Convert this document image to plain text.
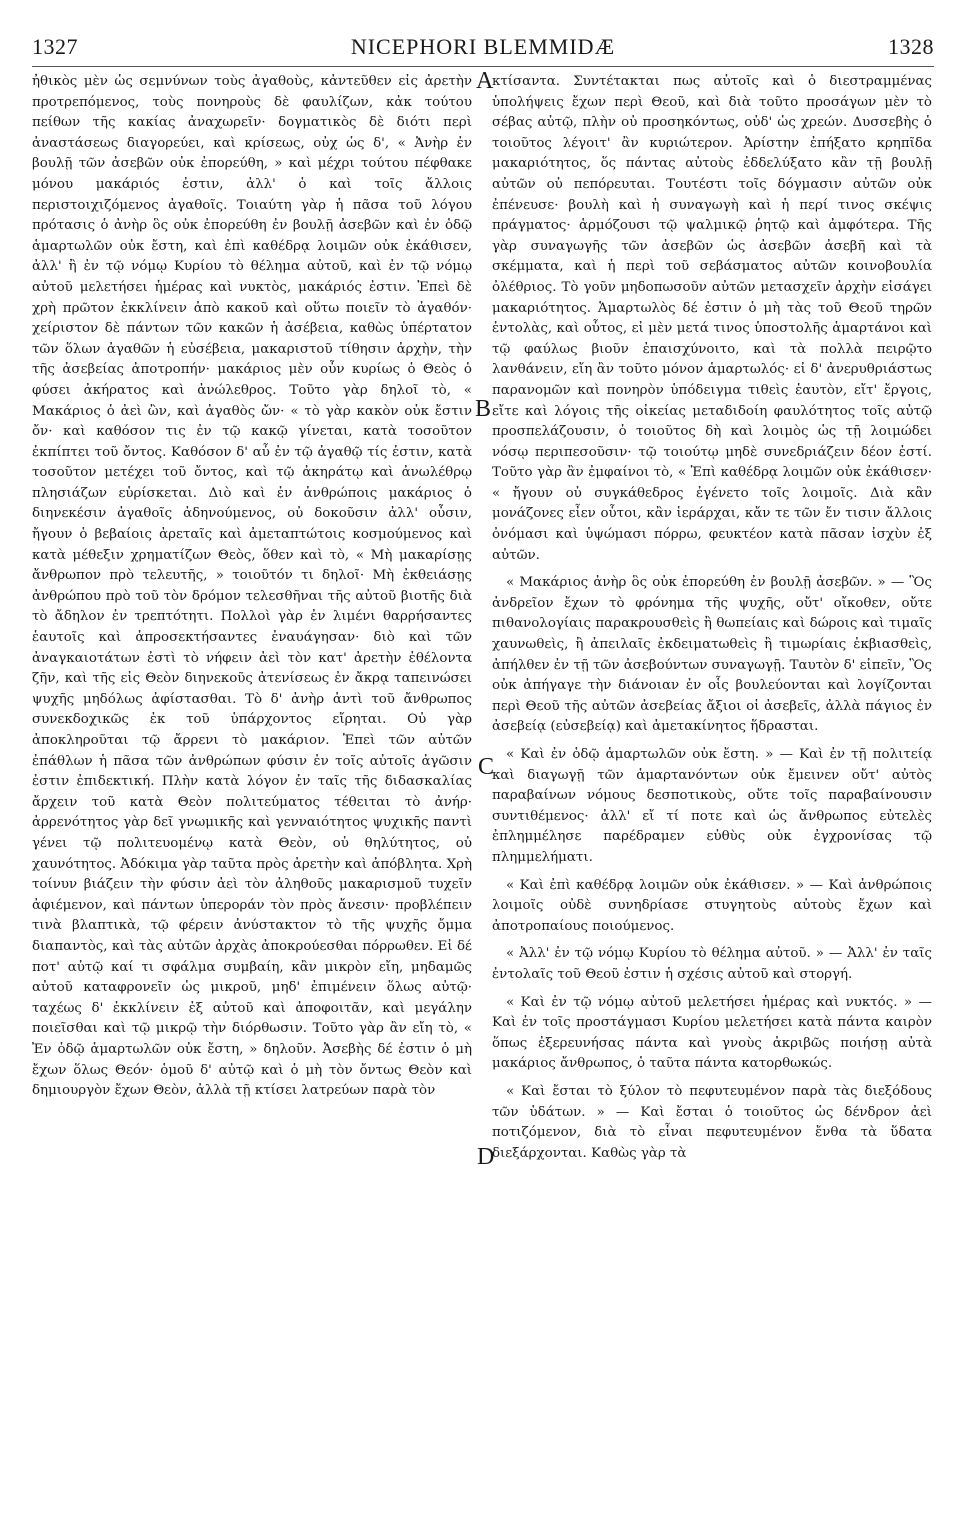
1327	NICEPHORI BLEMMIDÆ	1328

ἠθικὸς μὲν ὡς σεμνύνων τοὺς ἀγαθοὺς, κἀντεῦθεν εἰς ἀρετὴν προτρεπόμενος, τοὺς πονηροὺς δὲ φαυλίζων, κἀκ τούτου πείθων τῆς κακίας ἀναχωρεῖν· δογματικὸς δὲ διότι περὶ ἀναστάσεως διαγορεύει, καὶ κρίσεως, οὐχ ὡς δ', « Ἀνὴρ ἐν βουλῇ τῶν ἀσεβῶν οὐκ ἐπορεύθη, » καὶ μέχρι τούτου πέφθακε μόνου μακάριός ἐστιν, ἀλλ' ὁ καὶ τοῖς ἄλλοις περιστοιχιζόμενος ἀγαθοῖς. Τοιαύτη γὰρ ἡ πᾶσα τοῦ λόγου πρότασις ὁ ἀνὴρ ὃς οὐκ ἐπορεύθη ἐν βουλῇ ἀσεβῶν καὶ ἐν ὁδῷ ἁμαρτωλῶν οὐκ ἔστη, καὶ ἐπὶ καθέδρᾳ λοιμῶν οὐκ ἐκάθισεν, ἀλλ' ἢ ἐν τῷ νόμῳ Κυρίου τὸ θέλημα αὐτοῦ, καὶ ἐν τῷ νόμῳ αὐτοῦ μελετήσει ἡμέρας καὶ νυκτὸς, μακάριός ἐστιν. Ἐπεὶ δὲ χρὴ πρῶτον ἐκκλίνειν ἀπὸ κακοῦ καὶ οὕτω ποιεῖν τὸ ἀγαθόν· χείριστον δὲ πάντων τῶν κακῶν ἡ ἀσέβεια, καθὼς ὑπέρτατον τῶν ὅλων ἀγαθῶν ἡ εὐσέβεια, μακαριστοῦ τίθησιν ἀρχὴν, τὴν τῆς ἀσεβείας ἀποτροπήν· μακάριος μὲν οὖν κυρίως ὁ Θεὸς ὁ φύσει ἀκήρατος καὶ ἀνώλεθρος. Τοῦτο γὰρ δηλοῖ τὸ, « Μακάριος ὁ ἀεὶ ὢν, καὶ ἀγαθὸς ὤν· « τὸ γὰρ κακὸν οὐκ ἔστιν ὄν· καὶ καθόσον τις ἐν τῷ κακῷ γίνεται, κατὰ τοσοῦτον ἐκπίπτει τοῦ ὄντος. Καθόσον δ' αὖ ἐν τῷ ἀγαθῷ τίς ἐστιν, κατὰ τοσοῦτον μετέχει τοῦ ὄντος, καὶ τῷ ἀκηράτῳ καὶ ἀνωλέθρῳ πλησιάζων εὑρίσκεται. Διὸ καὶ ἐν ἀνθρώποις μακάριος ὁ διηνεκέσιν ἀγαθοῖς ἀδηνούμενος, οὐ δοκοῦσιν ἀλλ' οὖσιν, ἤγουν ὁ βεβαίοις ἀρεταῖς καὶ ἀμεταπτώτοις κοσμούμενος καὶ κατὰ μέθεξιν χρηματίζων Θεὸς, ὅθεν καὶ τὸ, « Μὴ μακαρίσῃς ἄνθρωπον πρὸ τελευτῆς, » τοιοῦτόν τι δηλοῖ· Μὴ ἐκθειάσῃς ἀνθρώπου πρὸ τοῦ τὸν δρόμον τελεσθῆναι τῆς αὐτοῦ βιοτῆς διὰ τὸ ἄδηλον ἐν τρεπτότητι. Πολλοὶ γὰρ ἐν λιμένι θαρρήσαντες ἑαυτοῖς καὶ ἀπροσεκτήσαντες ἐναυάγησαν· διὸ καὶ τῶν ἀναγκαιοτάτων ἐστὶ τὸ νήφειν ἀεὶ τὸν κατ' ἀρετὴν ἐθέλοντα ζῆν, καὶ τῆς εἰς Θεὸν διηνεκοῦς ἀτενίσεως ἐν ἄκρᾳ ταπεινώσει ψυχῆς μηδόλως ἀφίστασθαι. Τὸ δ' ἀνὴρ ἀντὶ τοῦ ἄνθρωπος συνεκδοχικῶς ἐκ τοῦ ὑπάρχοντος εἴρηται. Οὐ γὰρ ἀποκληροῦται τῷ ἄρρενι τὸ μακάριον. Ἐπεὶ τῶν αὐτῶν ἐπάθλων ἡ πᾶσα τῶν ἀνθρώπων φύσιν ἐν τοῖς αὐτοῖς ἀγῶσιν ἐστιν ἐπιδεκτική. Πλὴν κατὰ λόγον ἐν ταῖς τῆς διδασκαλίας ἄρχειν τοῦ κατὰ Θεὸν πολιτεύματος τέθειται τὸ ἀνήρ· ἀρρενότητος γὰρ δεῖ γνωμικῆς καὶ γενναιότητος ψυχικῆς παντὶ γένει τῷ πολιτευομένῳ κατὰ Θεὸν, οὐ θηλύτητος, οὐ χαυνότητος. Ἀδόκιμα γὰρ ταῦτα πρὸς ἀρετὴν καὶ ἀπόβλητα. Χρὴ τοίνυν βιάζειν τὴν φύσιν ἀεὶ τὸν ἀληθοῦς μακαρισμοῦ τυχεῖν ἀφιέμενον, καὶ πάντων ὑπεροράν τὸν πρὸς ἄνεσιν· προβλέπειν τινὰ βλαπτικὰ, τῷ φέρειν ἀνύστακτον τὸ τῆς ψυχῆς ὄμμα διαπαντὸς, καὶ τὰς αὐτῶν ἀρχὰς ἀποκρούεσθαι πόρρωθεν. Εἰ δέ ποτ' αὐτῷ καί τι σφάλμα συμβαίη, κἂν μικρὸν εἴη, μηδαμῶς αὐτοῦ καταφρονεῖν ὡς μικροῦ, μηδ' ἐπιμένειν ὅλως αὐτῷ· ταχέως δ' ἐκκλίνειν ἐξ αὐτοῦ καὶ ἀποφοιτᾶν, καὶ μεγάλην ποιεῖσθαι καὶ τῷ μικρῷ τὴν διόρθωσιν. Τοῦτο γὰρ ἂν εἴη τὸ, « Ἐν ὁδῷ ἁμαρτωλῶν οὐκ ἔστη, » δηλοῦν. Ἀσεβὴς δέ ἐστιν ὁ μὴ ἔχων ὅλως Θεόν· ὁμοῦ δ' αὐτῷ καὶ ὁ μὴ τὸν ὄντως Θεὸν καὶ δημιουργὸν ἔχων Θεὸν, ἀλλὰ τῇ κτίσει λατρεύων παρὰ τὸν

A
B
C
D

κτίσαντα. Συντέτακται πως αὐτοῖς καὶ ὁ διεστραμμένας ὑπολήψεις ἔχων περὶ Θεοῦ, καὶ διὰ τοῦτο προσάγων μὲν τὸ σέβας αὐτῷ, πλὴν οὐ προσηκόντως, οὐδ' ὡς χρεών. Δυσσεβὴς ὁ τοιοῦτος λέγοιτ' ἂν κυριώτερον. Ἀρίστην ἐπήξατο κρηπῖδα μακαριότητος, ὅς πάντας αὐτοὺς ἐδδελύξατο κἂν τῇ βουλῇ αὐτῶν οὐ πεπόρευται. Τουτέστι τοῖς δόγμασιν αὐτῶν οὐκ ἐπένευσε· βουλὴ καὶ ἡ συναγωγὴ καὶ ἡ περί τινος σκέψις πράγματος· ἁρμόζουσι τῷ ψαλμικῷ ῥητῷ καὶ ἀμφότερα. Τῆς γὰρ συναγωγῆς τῶν ἀσεβῶν ὡς ἀσεβῶν ἀσεβῆ καὶ τὰ σκέμματα, καὶ ἡ περὶ τοῦ σεβάσματος αὐτῶν κοινοβουλία ὀλέθριος. Τὸ γοῦν μηδοπωσοῦν αὐτῶν μετασχεῖν ἀρχὴν εἰσάγει μακαριότητος. Ἁμαρτωλὸς δέ ἐστιν ὁ μὴ τὰς τοῦ Θεοῦ τηρῶν ἐντολὰς, καὶ οὗτος, εἰ μὲν μετά τινος ὑποστολῆς ἁμαρτάνοι καὶ τῷ φαύλως βιοῦν ἐπαισχύνοιτο, καὶ τὰ πολλὰ πειρῷτο λανθάνειν, εἴη ἂν τοῦτο μόνον ἁμαρτωλός· εἰ δ' ἀνερυθριάστως παρανομῶν καὶ πονηρὸν ὑπόδειγμα τιθεὶς ἑαυτὸν, εἴτ' ἔργοις, εἴτε καὶ λόγοις τῆς οἰκείας μεταδιδοίη φαυλότητος τοῖς αὐτῷ προσπελάζουσιν, ὁ τοιοῦτος δὴ καὶ λοιμὸς ὡς τῇ λοιμώδει νόσῳ περιπεσοῦσιν· τῷ τοιούτῳ μηδὲ συνεδριάζειν δέον ἐστί. Τοῦτο γὰρ ἂν ἐμφαίνοι τὸ, « Ἐπὶ καθέδρᾳ λοιμῶν οὐκ ἐκάθισεν· « ἤγουν οὐ συγκάθεδρος ἐγένετο τοῖς λοιμοῖς. Διὰ κἂν μονάζονες εἶεν οὗτοι, κἂν ἱεράρχαι, κἄν τε τῶν ἔν τισιν ἄλλοις ὀνόμασι καὶ ὑψώμασι πόρρω, φευκτέον κατὰ πᾶσαν ἰσχὺν ἐξ αὐτῶν.

« Μακάριος ἀνὴρ ὃς οὐκ ἐπορεύθη ἐν βουλῇ ἀσεβῶν. » — Ὃς ἀνδρεῖον ἔχων τὸ φρόνημα τῆς ψυχῆς, οὔτ' οἴκοθεν, οὔτε πιθανολογίαις παρακρουσθεὶς ἢ θωπείαις καὶ δώροις καὶ τιμαῖς χαυνωθεὶς, ἢ ἀπειλαῖς ἐκδειματωθεὶς ἢ τιμωρίαις ἐκβιασθεὶς, ἀπήλθεν ἐν τῇ τῶν ἀσεβούντων συναγωγῇ. Ταυτὸν δ' εἰπεῖν, Ὃς οὐκ ἀπήγαγε τὴν διάνοιαν ἐν οἷς βουλεύονται καὶ λογίζονται περὶ Θεοῦ τῆς αὐτῶν ἀσεβείας ἄξιοι οἱ ἀσεβεῖς, ἀλλὰ πάγιος ἐν ἀσεβείᾳ (εὐσεβείᾳ) καὶ ἀμετακίνητος ἥδρασται.

« Καὶ ἐν ὁδῷ ἁμαρτωλῶν οὐκ ἔστη. » — Καὶ ἐν τῇ πολιτείᾳ καὶ διαγωγῇ τῶν ἁμαρτανόντων οὐκ ἔμεινεν οὔτ' αὐτὸς παραβαίνων νόμους δεσποτικοὺς, οὔτε τοῖς παραβαίνουσιν συντιθέμενος· ἀλλ' εἴ τί ποτε καὶ ὡς ἄνθρωπος εὐτελὲς ἐπλημμέλησε παρέδραμεν εὐθὺς οὐκ ἐγχρονίσας τῷ πλημμελήματι.

« Καὶ ἐπὶ καθέδρᾳ λοιμῶν οὐκ ἐκάθισεν. » — Καὶ ἀνθρώποις λοιμοῖς οὐδὲ συνηδρίασε στυγητοὺς αὐτοὺς ἔχων καὶ ἀποτροπαίους ποιούμενος.

« Ἀλλ' ἐν τῷ νόμῳ Κυρίου τὸ θέλημα αὐτοῦ. » — Ἀλλ' ἐν ταῖς ἐντολαῖς τοῦ Θεοῦ ἐστιν ἡ σχέσις αὐτοῦ καὶ στοργή.

« Καὶ ἐν τῷ νόμῳ αὐτοῦ μελετήσει ἡμέρας καὶ νυκτός. » — Καὶ ἐν τοῖς προστάγμασι Κυρίου μελετήσει κατὰ πάντα καιρὸν ὅπως ἐξερευνήσας πάντα καὶ γνοὺς ἀκριβῶς ποιήσῃ αὐτὰ μακάριος ἄνθρωπος, ὁ ταῦτα πάντα κατορθωκώς.

« Καὶ ἔσται τὸ ξύλον τὸ πεφυτευμένον παρὰ τὰς διεξόδους τῶν ὑδάτων. » — Καὶ ἔσται ὁ τοιοῦτος ὡς δένδρον ἀεὶ ποτιζόμενον, διὰ τὸ εἶναι πεφυτευμένον ἔνθα τὰ ὕδατα διεξάρχονται. Καθὼς γὰρ τὰ
